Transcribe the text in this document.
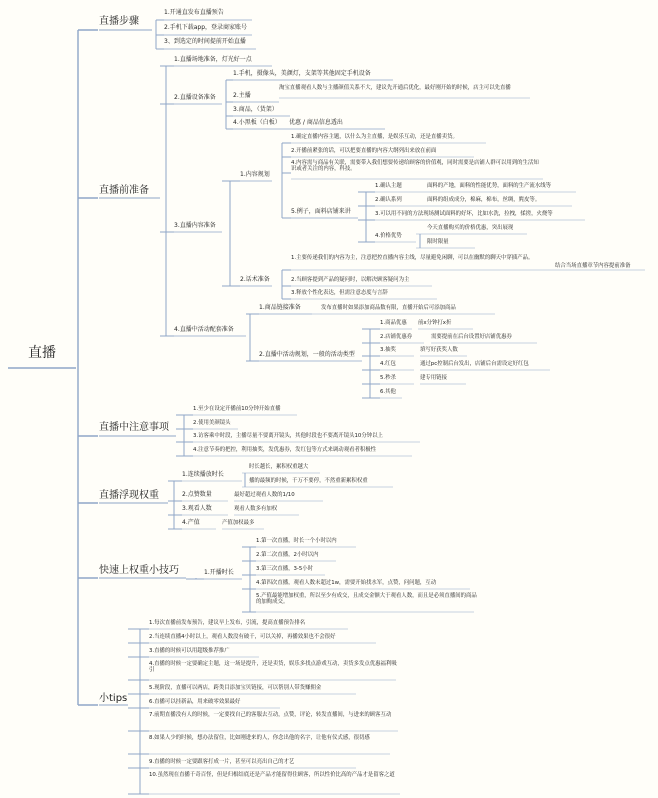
直播
直播步骤
1.开通直发布直播预告
2.手机下载app，登录商家账号
3、到选定的时间提前开始直播
直播前准备
1.直播场地准备，灯光好一点
2.直播设备准备
1.手机，摄像头，美颜灯，支架等其他固定手机设备
2.主播
淘宝直播观看人数与主播颜值关系不大，建议先开通后优化，最好刚开始的时候，店主可以先直播
3.商品，（货架）
4.小黑板（白板） 优惠 / 商品信息透出
3.直播内容准备
1.内容规划
1.确定直播内容主题，以什么为主直播，是娱乐互动，还是直播卖货。
2.开播前紧张的话，可以把要直播的内容大纲列出来放在前面
4.内容需与商品有关联，需要带入我们想要传递给顾客的价值观，同时需要是店铺人群可以用到的生活知识或者关注的内容，科技。
5.例子，面料店铺来讲
1.确认主题	面料的产地，面料的性能优势，面料的生产流水线等
2.确认系列	面料的组成成分，棉麻，棉布，丝绸，麂皮等。
3.可以用不同的方法现场测试面料的好坏，比如水洗，拉拽，揉搓，火烧等
4.价格优势
今天直播购买的价格优惠，突出展现
限时限量
2.话术准备
1.主要传递我们的内容为主，注意把控直播内容主线，尽量避免闲聊，可以在幽默的聊天中穿插产品。
结合当场直播章节内容提前准备
2.当顾客提到产品的疑问时，以解决顾客疑问为主
3.释放个性化表达，但需注意态度与言辞
4.直播中活动配套准备
1.商品链接准备	发布直播时如果添加商品数有限，直播开始后可添加商品
2.直播中活动规划，一般的活动类型
1.商品优惠 前x分钟打x折
2.店铺优惠券	需要提前在后台设置好店铺优惠券
3.抽奖	填写好获奖人数
4.红包	通过pc控制后台发出，店铺后台需设定好红包
5.秒杀	建专用链接
6.其他
直播中注意事项
1.至少在设定开播前10分钟开始直播
2.使用美颜镜头
3.访客乘中时段，主播尽量不要离开镜头，其他时段也不要离开镜头10分钟以上
4.注意节奏的把控，利用抽奖，发优惠券，发红包等方式来调动观看者积极性
直播浮现权重
1.连续播放时长
时长越长，累积权重越大
播的最频的时候，千万不要停，不然重新累积权重
2.点赞数量	最好超过观看人数的1/10
3.观看人数	观看人数多有加权
4.产值	产值加权最多
快速上权重小技巧	1.开播时长
1.第一次直播，时长一个小时以内
2.第二次直播，2小时以内
3.第三次直播，3-5小时
4.第四次直播，观看人数未超过1w，需要开始找水军，点赞，问问题，互动
5.产值最能增加权重，所以至少有成交，且成交金额大于观看人数，而且是必须直播间的商品的加购成交。
小tips
1.每次直播前发布预告，建议早上发布，引流，提高直播预告排名
2.当连续直播4小时以上，观看人数没有破千，可以关掉，再播效果也不会很好
3.直播的时候可以用超级推荐推广
4.直播的时候一定要确定主题，这一场是提升，还是卖货，娱乐多找点游戏互动，卖货多发点优惠福利吸引
5.现阶段，直播可以两店，跨类目添加宝贝链接，可以帮别人带货赚佣金
6.直播可以挂新品，用来破零效果最好
7.前期直播没有人的时候，一定要找自己的客服去互动，点赞，评论，转发直播间，与进来的顾客互动
8.如果人少的时候，想办法留住，比如刚进来的人，你念出他的名字，让他有仪式感，很切感
9.直播的时候一定要跟客打成一片，甚至可以亮出自己的才艺
10.虽然现在直播千奇百怪，但是归根结底还是产品才能留得住顾客，所以性价比高的产品才是留客之道
